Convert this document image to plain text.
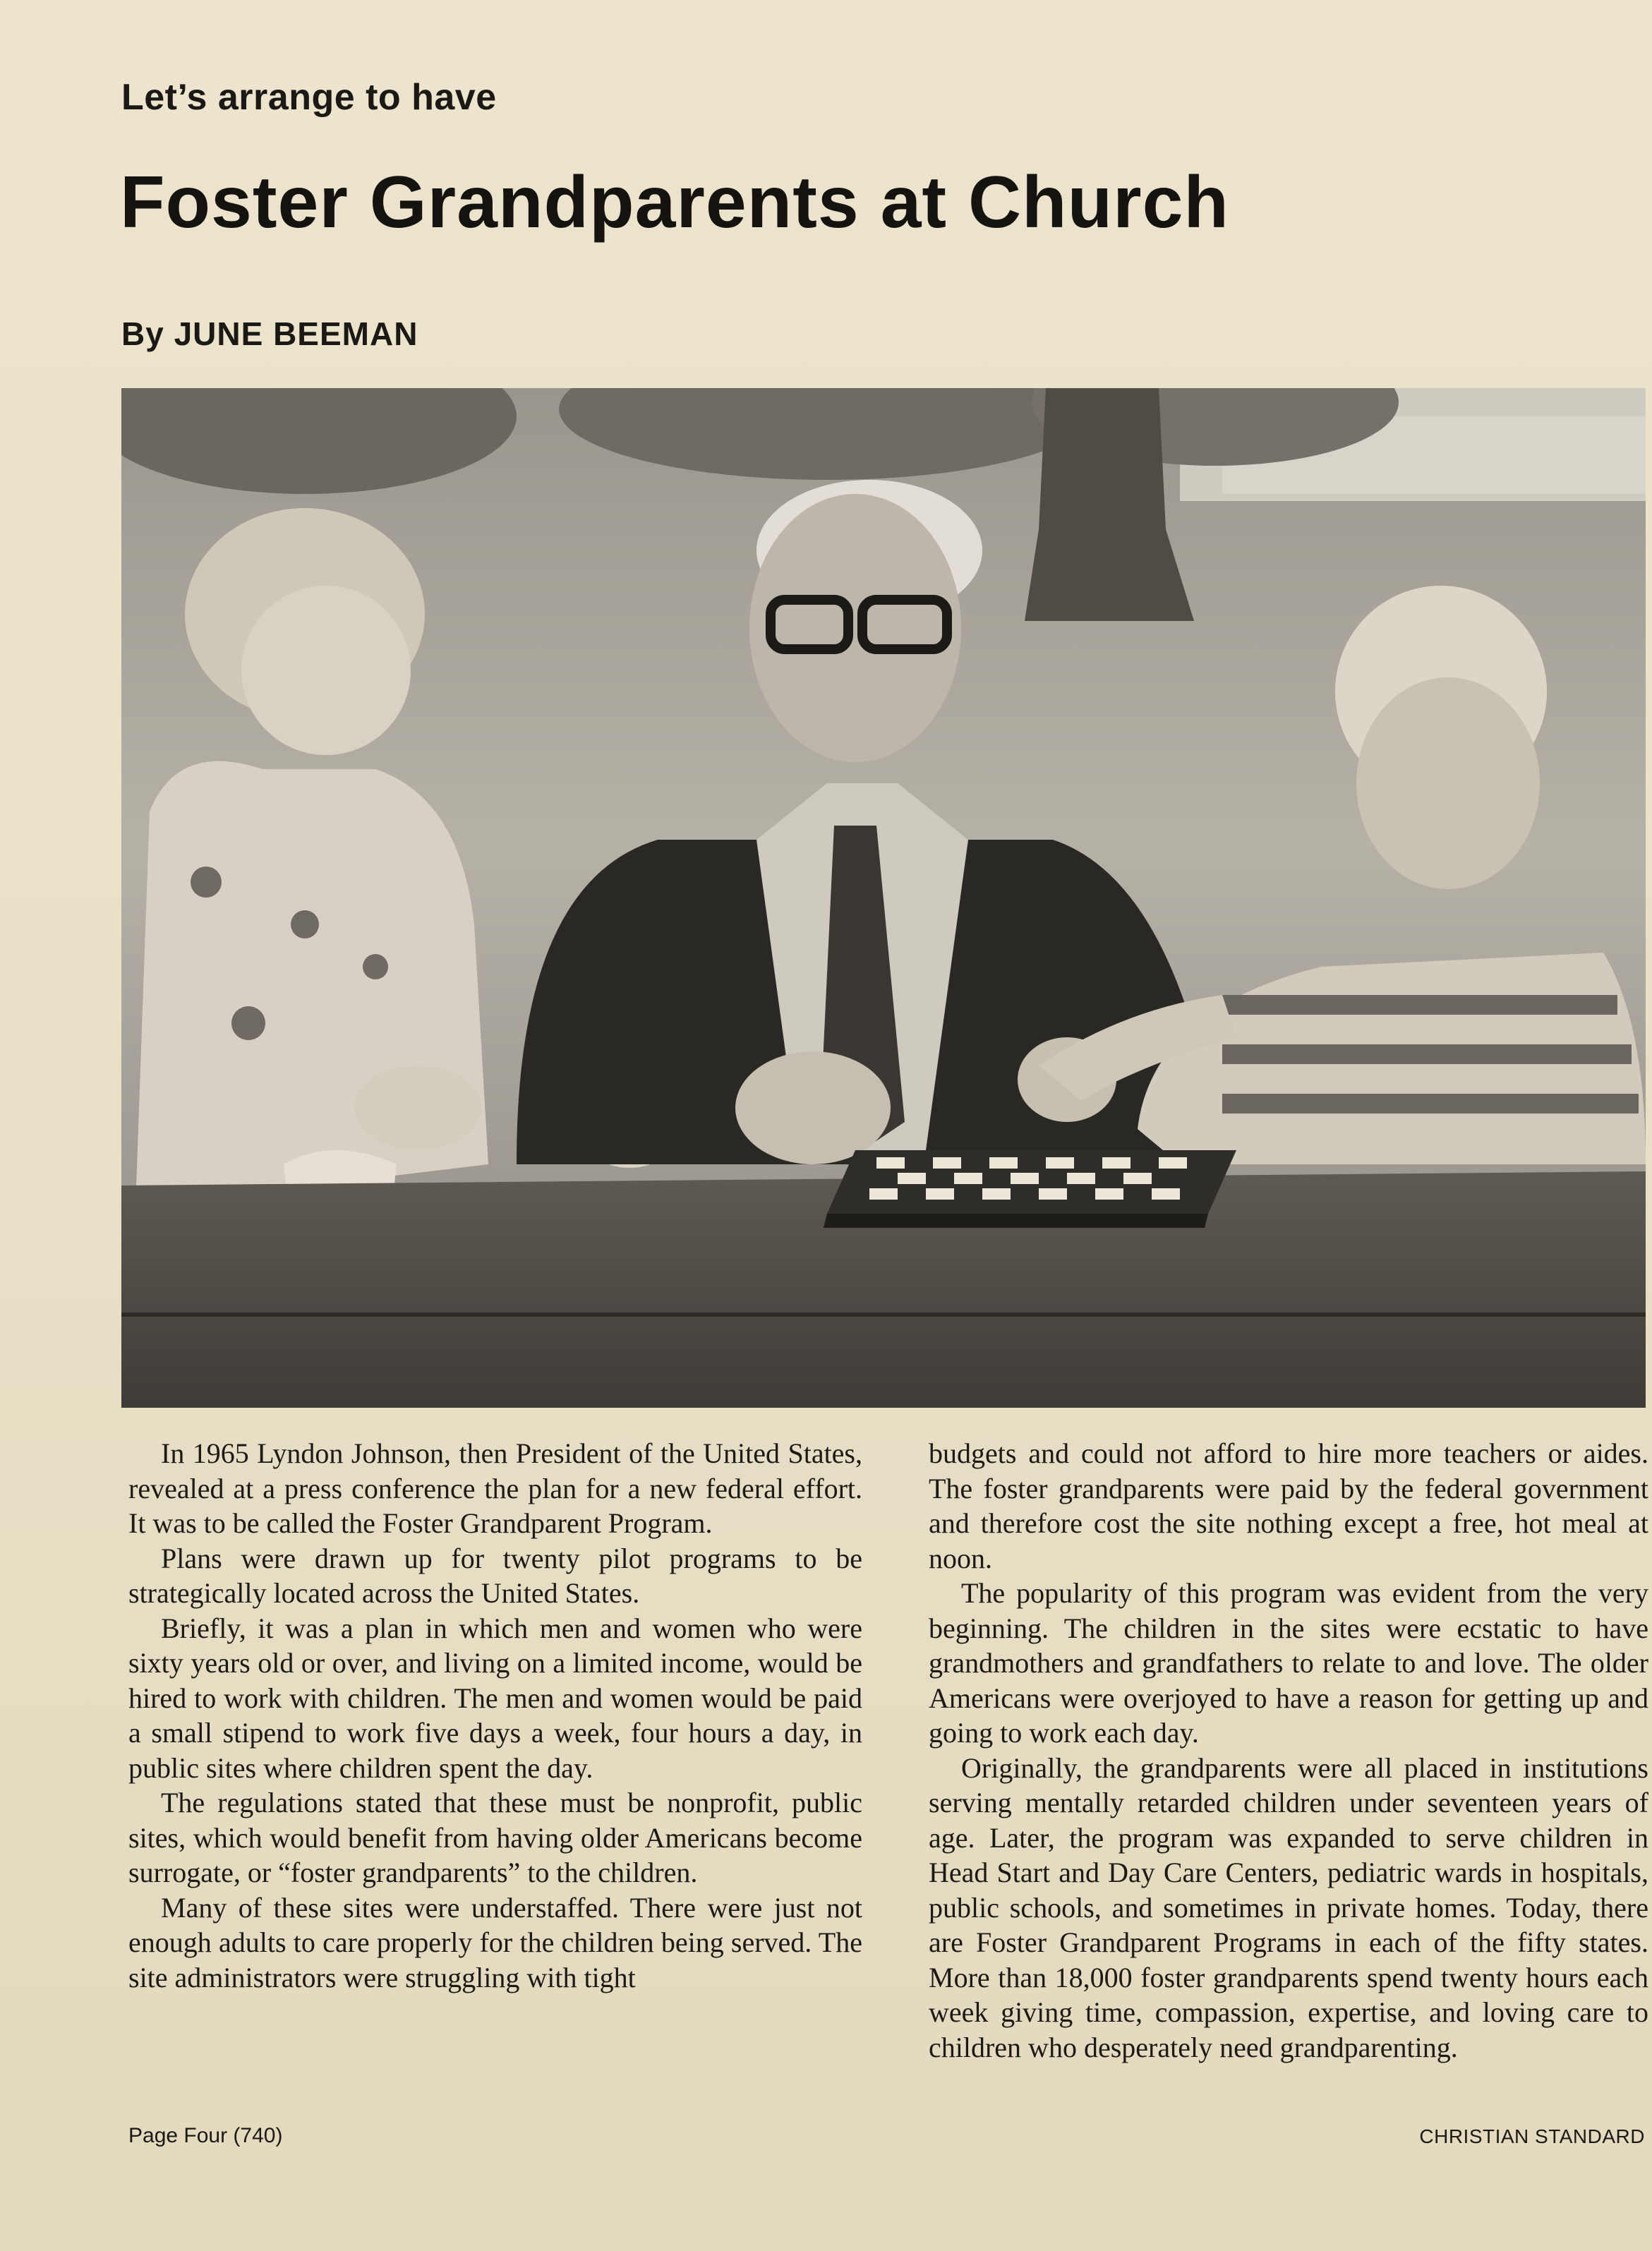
Let’s arrange to have
Foster Grandparents at Church
By JUNE BEEMAN

In 1965 Lyndon Johnson, then President of the United States, revealed at a press conference the plan for a new federal effort. It was to be called the Foster Grandparent Program.

Plans were drawn up for twenty pilot programs to be strategically located across the United States.

Briefly, it was a plan in which men and women who were sixty years old or over, and living on a limited income, would be hired to work with children. The men and women would be paid a small stipend to work five days a week, four hours a day, in public sites where children spent the day.

The regulations stated that these must be nonprofit, public sites, which would benefit from having older Americans become surrogate, or “foster grandparents” to the children.

Many of these sites were understaffed. There were just not enough adults to care properly for the children being served. The site administrators were struggling with tight

budgets and could not afford to hire more teachers or aides. The foster grandparents were paid by the federal government and therefore cost the site nothing except a free, hot meal at noon.

The popularity of this program was evident from the very beginning. The children in the sites were ecstatic to have grandmothers and grandfathers to relate to and love. The older Americans were overjoyed to have a reason for getting up and going to work each day.

Originally, the grandparents were all placed in institutions serving mentally retarded children under seventeen years of age. Later, the program was expanded to serve children in Head Start and Day Care Centers, pediatric wards in hospitals, public schools, and sometimes in private homes. Today, there are Foster Grandparent Programs in each of the fifty states. More than 18,000 foster grandparents spend twenty hours each week giving time, compassion, expertise, and loving care to children who desperately need grandparenting.

Page Four (740)	CHRISTIAN STANDARD
